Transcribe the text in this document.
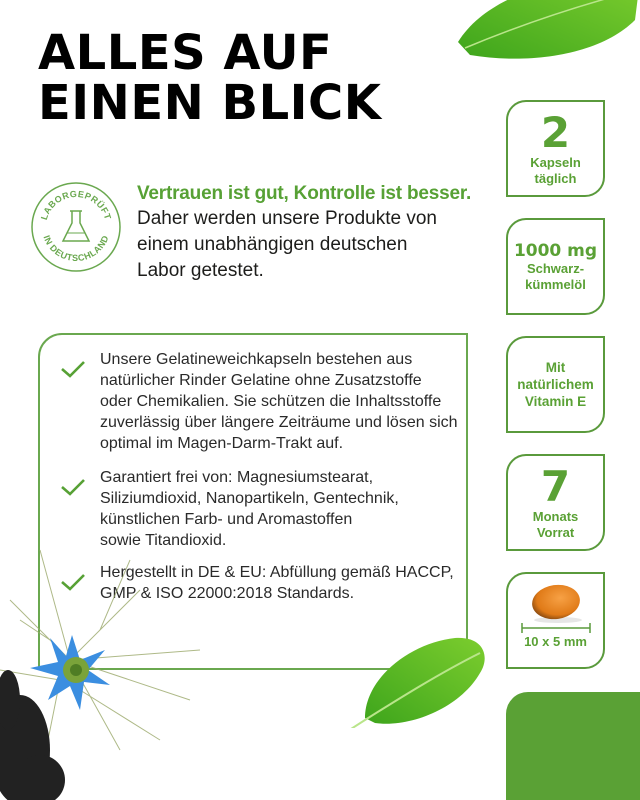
ALLES AUF
EINEN BLICK
LABORGEPRÜFT
IN DEUTSCHLAND
Vertrauen ist gut, Kontrolle ist besser.
Daher werden unsere Produkte von
einem unabhängigen deutschen
Labor getestet.
Unsere Gelatineweichkapseln bestehen aus
natürlicher Rinder Gelatine ohne Zusatzstoffe
oder Chemikalien. Sie schützen die Inhaltsstoffe
zuverlässig über längere Zeiträume und lösen sich
optimal im Magen-Darm-Trakt auf.
Garantiert frei von: Magnesiumstearat,
Siliziumdioxid, Nanopartikeln, Gentechnik,
künstlichen Farb- und Aromastoffen
sowie Titandioxid.
Hergestellt in DE & EU: Abfüllung gemäß HACCP,
GMP & ISO 22000:2018 Standards.
2
Kapseln
täglich
1000 mg
Schwarz-
kümmelöl
Mit
natürlichem
Vitamin E
7
Monats
Vorrat
10 x 5 mm
